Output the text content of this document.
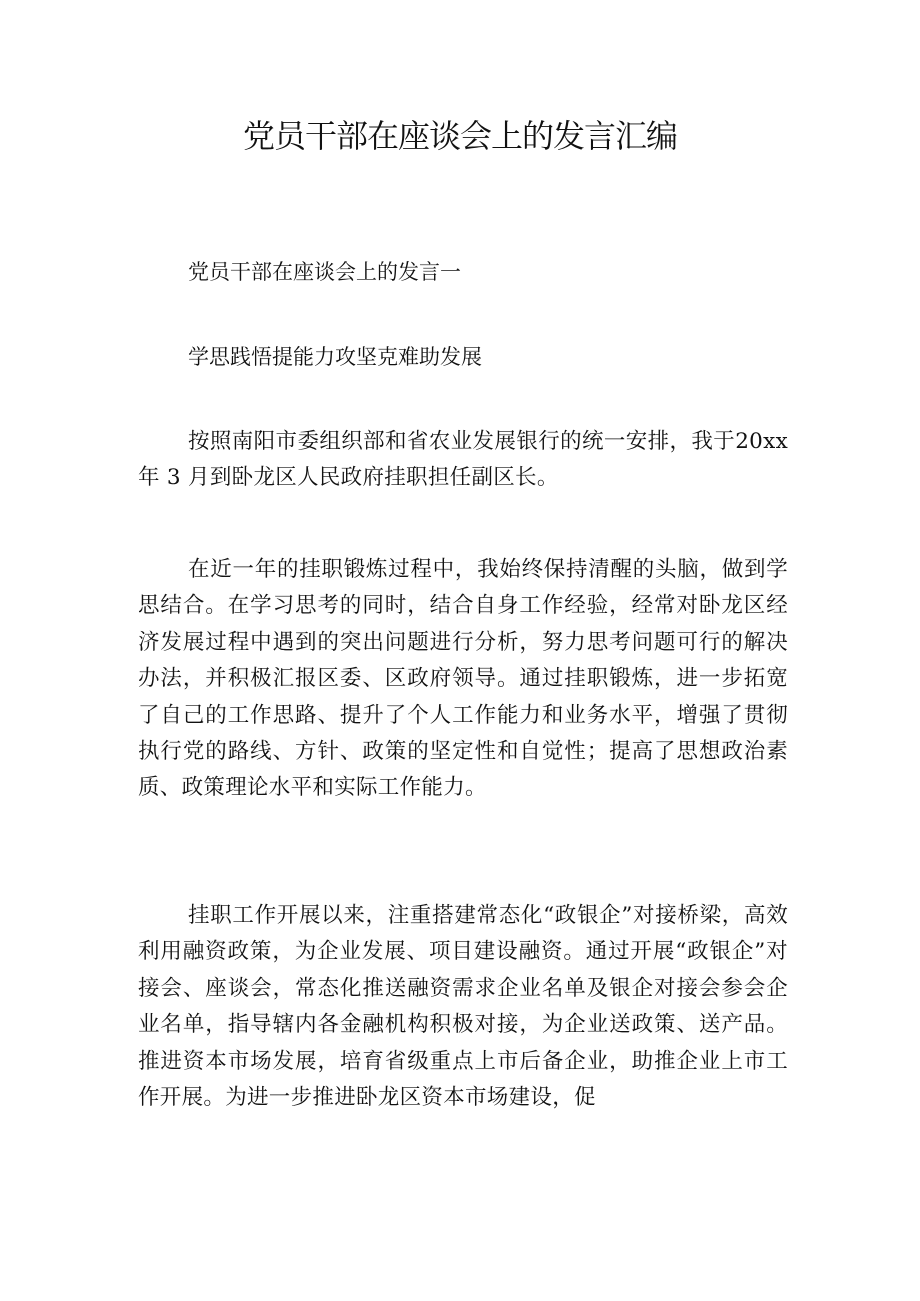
党员干部在座谈会上的发言汇编
党员干部在座谈会上的发言一
学思践悟提能力攻坚克难助发展
按照南阳市委组织部和省农业发展银行的统一安排，我于20xx 年 3 月到卧龙区人民政府挂职担任副区长。
在近一年的挂职锻炼过程中，我始终保持清醒的头脑，做到学思结合。在学习思考的同时，结合自身工作经验，经常对卧龙区经济发展过程中遇到的突出问题进行分析，努力思考问题可行的解决办法，并积极汇报区委、区政府领导。通过挂职锻炼，进一步拓宽了自己的工作思路、提升了个人工作能力和业务水平，增强了贯彻执行党的路线、方针、政策的坚定性和自觉性；提高了思想政治素质、政策理论水平和实际工作能力。
挂职工作开展以来，注重搭建常态化“政银企”对接桥梁，高效利用融资政策，为企业发展、项目建设融资。通过开展“政银企”对接会、座谈会，常态化推送融资需求企业名单及银企对接会参会企业名单，指导辖内各金融机构积极对接，为企业送政策、送产品。推进资本市场发展，培育省级重点上市后备企业，助推企业上市工作开展。为进一步推进卧龙区资本市场建设，促
